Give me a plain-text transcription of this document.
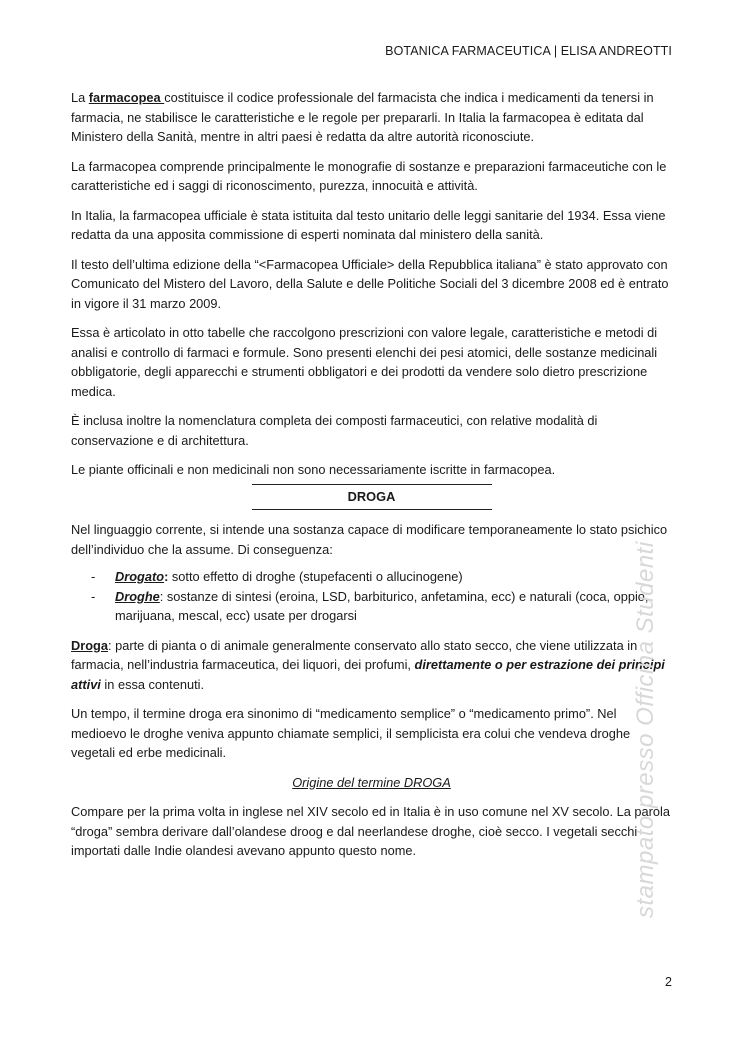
BOTANICA FARMACEUTICA | ELISA ANDREOTTI

La farmacopea costituisce il codice professionale del farmacista che indica i medicamenti da tenersi in farmacia, ne stabilisce le caratteristiche e le regole per prepararli. In Italia la farmacopea è editata dal Ministero della Sanità, mentre in altri paesi è redatta da altre autorità riconosciute.

La farmacopea comprende principalmente le monografie di sostanze e preparazioni farmaceutiche con le caratteristiche ed i saggi di riconoscimento, purezza, innocuità e attività.

In Italia, la farmacopea ufficiale è stata istituita dal testo unitario delle leggi sanitarie del 1934. Essa viene redatta da una apposita commissione di esperti nominata dal ministero della sanità.

Il testo dell’ultima edizione della “<Farmacopea Ufficiale> della Repubblica italiana” è stato approvato con Comunicato del Mistero del Lavoro, della Salute e delle Politiche Sociali del 3 dicembre 2008 ed è entrato in vigore il 31 marzo 2009.

Essa è articolato in otto tabelle che raccolgono prescrizioni con valore legale, caratteristiche e metodi di analisi e controllo di farmaci e formule. Sono presenti elenchi dei pesi atomici, delle sostanze medicinali obbligatorie, degli apparecchi e strumenti obbligatori e dei prodotti da vendere solo dietro prescrizione medica.

È inclusa inoltre la nomenclatura completa dei composti farmaceutici, con relative modalità di conservazione e di architettura.

Le piante officinali e non medicinali non sono necessariamente iscritte in farmacopea.

DROGA

Nel linguaggio corrente, si intende una sostanza capace di modificare temporaneamente lo stato psichico dell’individuo che la assume. Di conseguenza:

- Drogato: sotto effetto di droghe (stupefacenti o allucinogene)
- Droghe: sostanze di sintesi (eroina, LSD, barbiturico, anfetamina, ecc) e naturali (coca, oppio, marijuana, mescal, ecc) usate per drogarsi

Droga: parte di pianta o di animale generalmente conservato allo stato secco, che viene utilizzata in farmacia, nell’industria farmaceutica, dei liquori, dei profumi, direttamente o per estrazione dei principi attivi in essa contenuti.

Un tempo, il termine droga era sinonimo di “medicamento semplice” o “medicamento primo”. Nel medioevo le droghe veniva appunto chiamate semplici, il semplicista era colui che vendeva droghe vegetali ed erbe medicinali.

Origine del termine DROGA

Compare per la prima volta in inglese nel XIV secolo ed in Italia è in uso comune nel XV secolo. La parola “droga” sembra derivare dall’olandese droog e dal neerlandese droghe, cioè secco. I vegetali secchi importati dalle Indie olandesi avevano appunto questo nome.	stampato presso Officina Studenti
2
